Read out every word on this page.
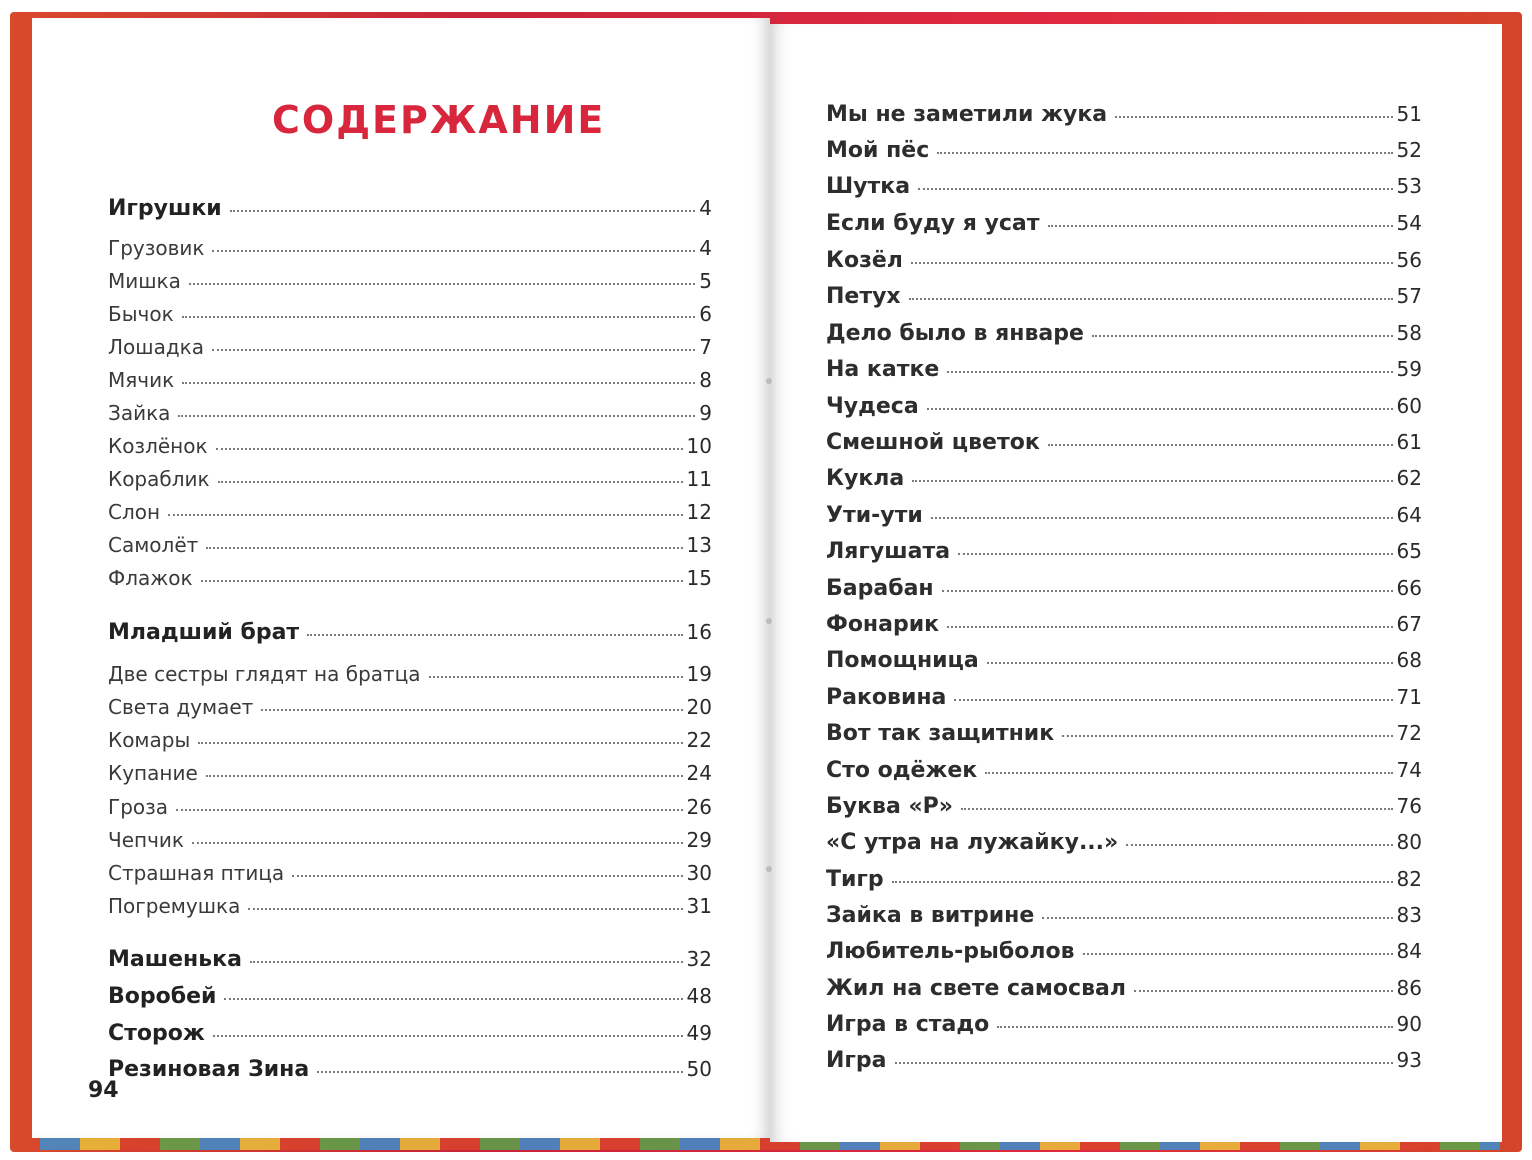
СОДЕРЖАНИЕ
Игрушки	4
Грузовик	4
Мишка	5
Бычок	6
Лошадка	7
Мячик	8
Зайка	9
Козлёнок	10
Кораблик	11
Слон	12
Самолёт	13
Флажок	15
Младший брат	16
Две сестры глядят на братца	19
Света думает	20
Комары	22
Купание	24
Гроза	26
Чепчик	29
Страшная птица	30
Погремушка	31
Машенька	32
Воробей	48
Сторож	49
Резиновая Зина	50
94
Мы не заметили жука	51
Мой пёс	52
Шутка	53
Если буду я усат	54
Козёл	56
Петух	57
Дело было в январе	58
На катке	59
Чудеса	60
Смешной цветок	61
Кукла	62
Ути-ути	64
Лягушата	65
Барабан	66
Фонарик	67
Помощница	68
Раковина	71
Вот так защитник	72
Сто одёжек	74
Буква «Р»	76
«С утра на лужайку...»	80
Тигр	82
Зайка в витрине	83
Любитель-рыболов	84
Жил на свете самосвал	86
Игра в стадо	90
Игра	93
